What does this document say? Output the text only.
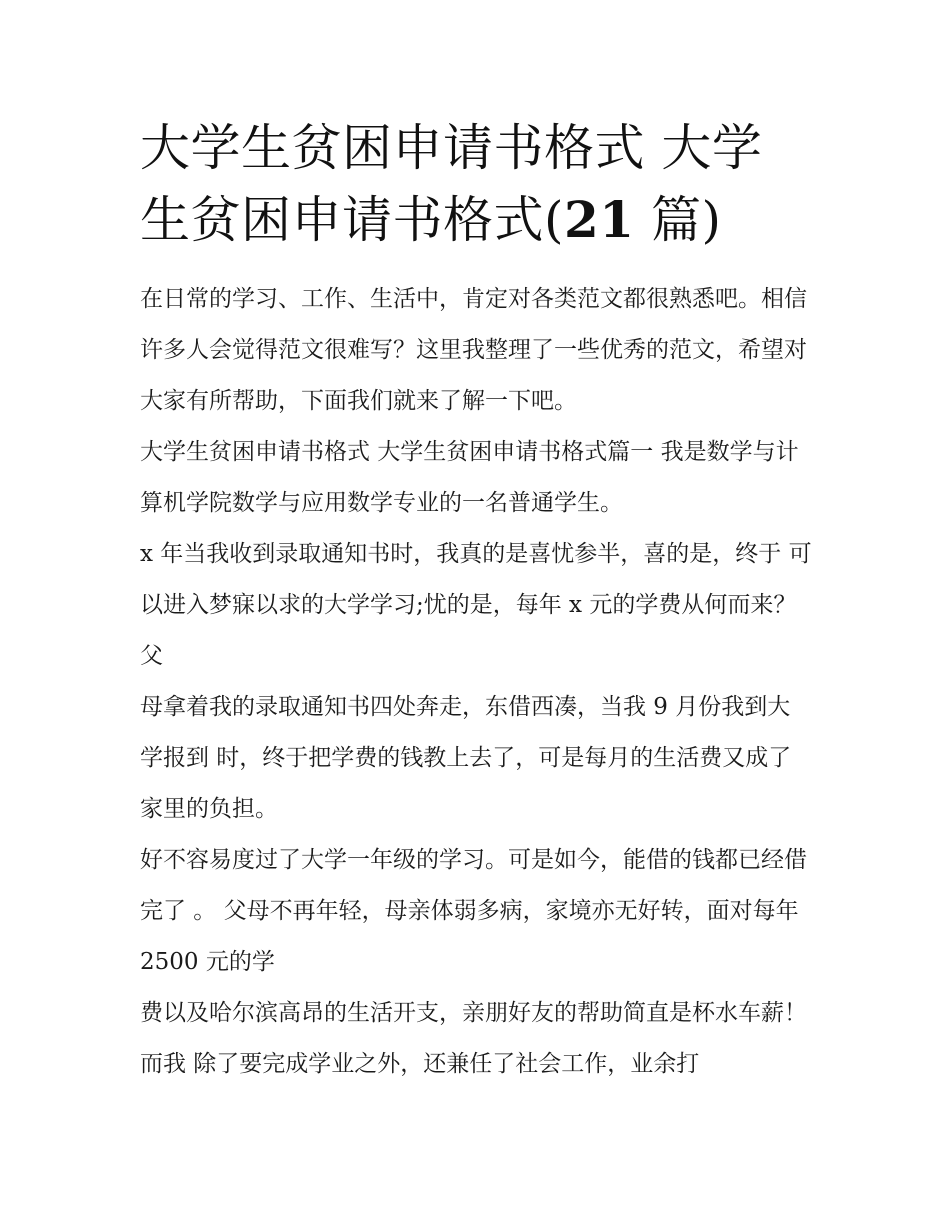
大学生贫困申请书格式 大学生贫困申请书格式(21 篇)

在日常的学习、工作、生活中，肯定对各类范文都很熟悉吧。相信许多人会觉得范文很难写？这里我整理了一些优秀的范文，希望对大家有所帮助，下面我们就来了解一下吧。

大学生贫困申请书格式 大学生贫困申请书格式篇一 我是数学与计算机学院数学与应用数学专业的一名普通学生。

x 年当我收到录取通知书时，我真的是喜忧参半，喜的是，终于 可以进入梦寐以求的大学学习;忧的是，每年 x 元的学费从何而来？父

母拿着我的录取通知书四处奔走，东借西凑，当我 9 月份我到大学报到 时，终于把学费的钱教上去了，可是每月的生活费又成了家里的负担。

好不容易度过了大学一年级的学习。可是如今，能借的钱都已经借完了 。 父母不再年轻，母亲体弱多病，家境亦无好转，面对每年 2500 元的学

费以及哈尔滨高昂的生活开支，亲朋好友的帮助简直是杯水车薪！而我 除了要完成学业之外，还兼任了社会工作，业余打
